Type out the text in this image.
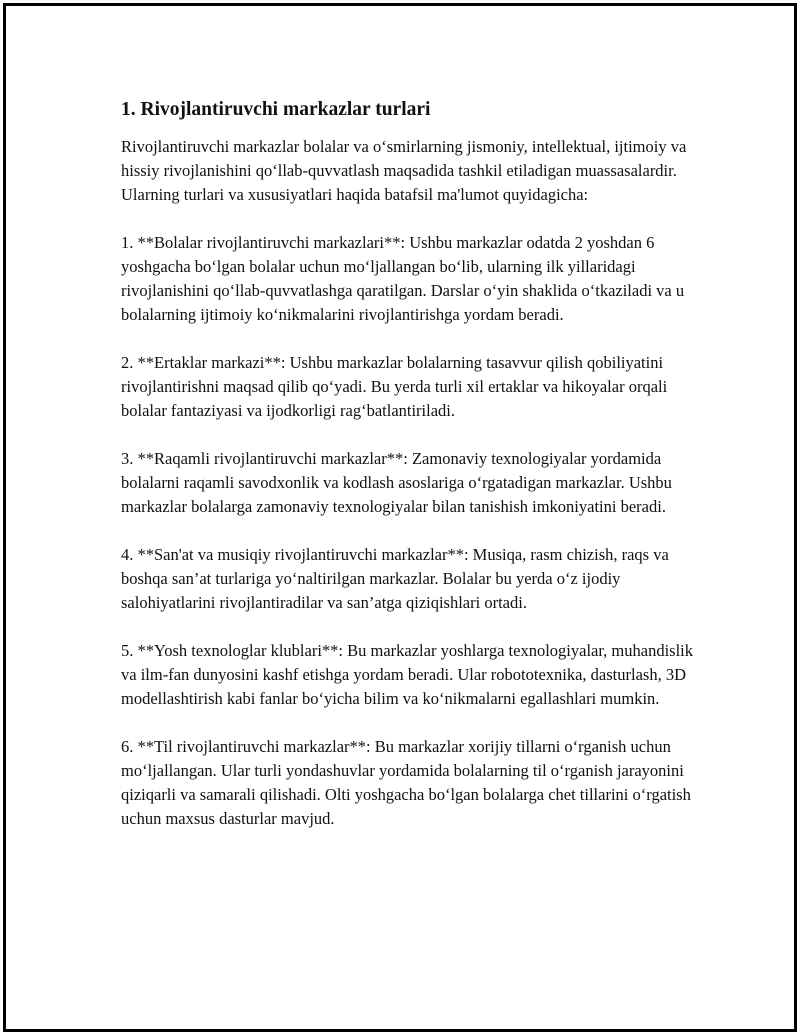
1. Rivojlantiruvchi markazlar turlari

Rivojlantiruvchi markazlar bolalar va o‘smirlarning jismoniy, intellektual, ijtimoiy va hissiy rivojlanishini qo‘llab-quvvatlash maqsadida tashkil etiladigan muassasalardir. Ularning turlari va xususiyatlari haqida batafsil ma'lumot quyidagicha:

1. **Bolalar rivojlantiruvchi markazlari**: Ushbu markazlar odatda 2 yoshdan 6 yoshgacha bo‘lgan bolalar uchun mo‘ljallangan bo‘lib, ularning ilk yillaridagi rivojlanishini qo‘llab-quvvatlashga qaratilgan. Darslar o‘yin shaklida o‘tkaziladi va u bolalarning ijtimoiy ko‘nikmalarini rivojlantirishga yordam beradi.

2. **Ertaklar markazi**: Ushbu markazlar bolalarning tasavvur qilish qobiliyatini rivojlantirishni maqsad qilib qo‘yadi. Bu yerda turli xil ertaklar va hikoyalar orqali bolalar fantaziyasi va ijodkorligi rag‘batlantiriladi.

3. **Raqamli rivojlantiruvchi markazlar**: Zamonaviy texnologiyalar yordamida bolalarni raqamli savodxonlik va kodlash asoslariga o‘rgatadigan markazlar. Ushbu markazlar bolalarga zamonaviy texnologiyalar bilan tanishish imkoniyatini beradi.

4. **San'at va musiqiy rivojlantiruvchi markazlar**: Musiqa, rasm chizish, raqs va boshqa san’at turlariga yo‘naltirilgan markazlar. Bolalar bu yerda o‘z ijodiy salohiyatlarini rivojlantiradilar va san’atga qiziqishlari ortadi.

5. **Yosh texnologlar klublari**: Bu markazlar yoshlarga texnologiyalar, muhandislik va ilm-fan dunyosini kashf etishga yordam beradi. Ular robototexnika, dasturlash, 3D modellashtirish kabi fanlar bo‘yicha bilim va ko‘nikmalarni egallashlari mumkin.

6. **Til rivojlantiruvchi markazlar**: Bu markazlar xorijiy tillarni o‘rganish uchun mo‘ljallangan. Ular turli yondashuvlar yordamida bolalarning til o‘rganish jarayonini qiziqarli va samarali qilishadi. Olti yoshgacha bo‘lgan bolalarga chet tillarini o‘rgatish uchun maxsus dasturlar mavjud.
